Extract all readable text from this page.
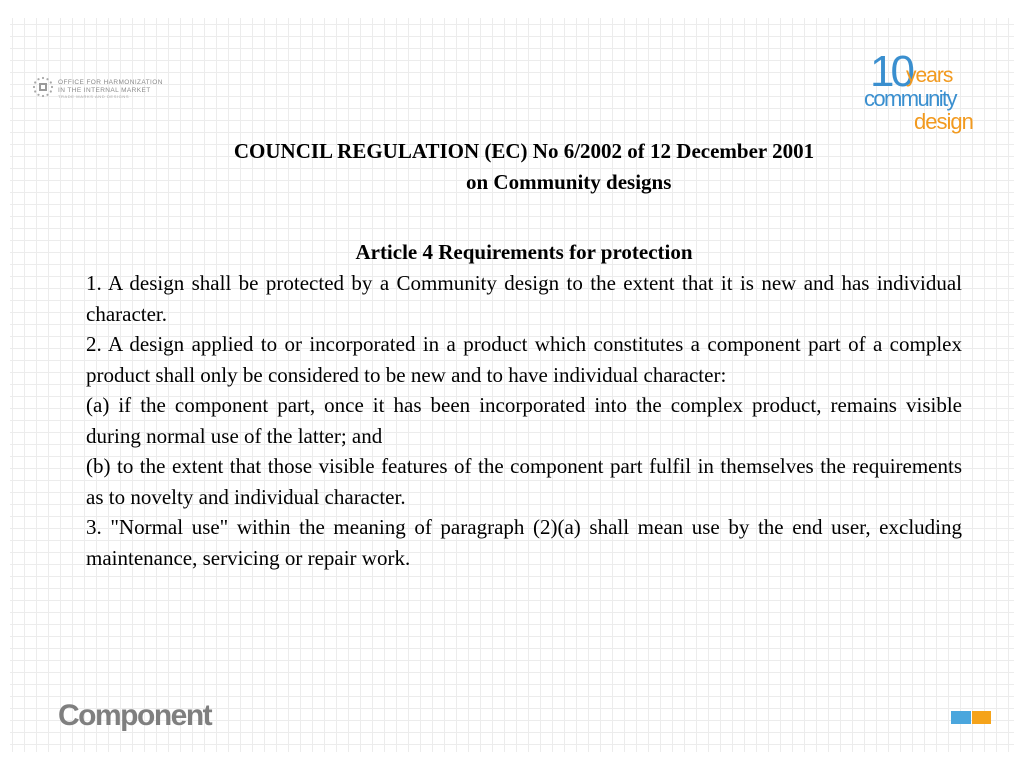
OFFICE FOR HARMONIZATION
IN THE INTERNAL MARKET
TRADE MARKS AND DESIGNS
10
years
community
design
COUNCIL REGULATION (EC) No 6/2002 of 12 December 2001
on Community designs
Article 4 Requirements for protection

1. A design shall be protected by a Community design to the extent that it is new and has individual character.

2. A design applied to or incorporated in a product which constitutes a component part of a complex product shall only be considered to be new and to have individual character:

(a) if the component part, once it has been incorporated into the complex product, remains visible during normal use of the latter; and

(b) to the extent that those visible features of the component part fulfil in themselves the requirements as to novelty and individual character.

3. "Normal use" within the meaning of paragraph (2)(a) shall mean use by the end user, excluding maintenance, servicing or repair work.

Component
